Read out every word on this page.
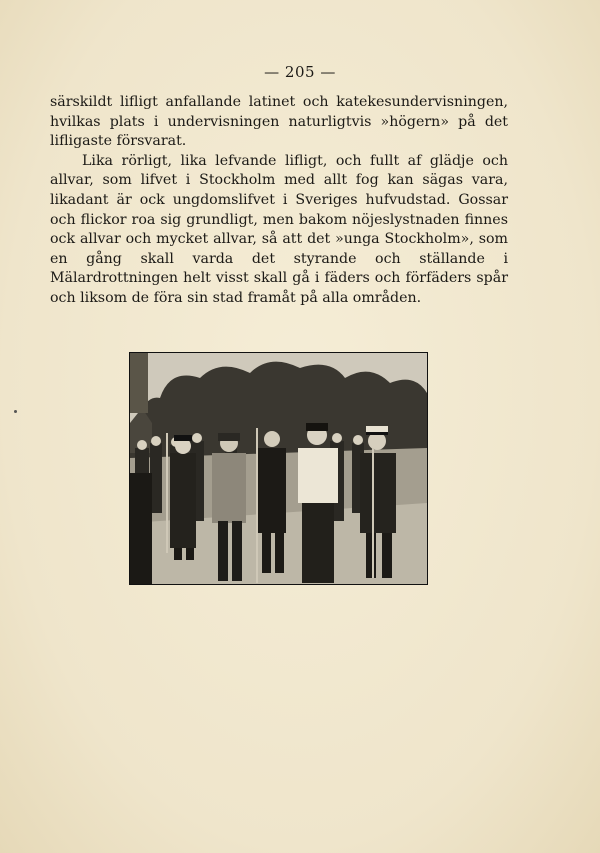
— 205 —

särskildt lifligt anfallande latinet och katekesundervisningen, hvilkas plats i undervisningen naturligtvis »högern» på det lifligaste försvarat.

Lika rörligt, lika lefvande lifligt, och fullt af glädje och allvar, som lifvet i Stockholm med allt fog kan sägas vara, likadant är ock ungdomslifvet i Sveriges hufvudstad. Gossar och flickor roa sig grundligt, men bakom nöjeslystnaden finnes ock allvar och mycket allvar, så att det »unga Stockholm», som en gång skall varda det styrande och ställande i Mälardrottningen helt visst skall gå i fäders och förfäders spår och liksom de föra sin stad framåt på alla områden.
